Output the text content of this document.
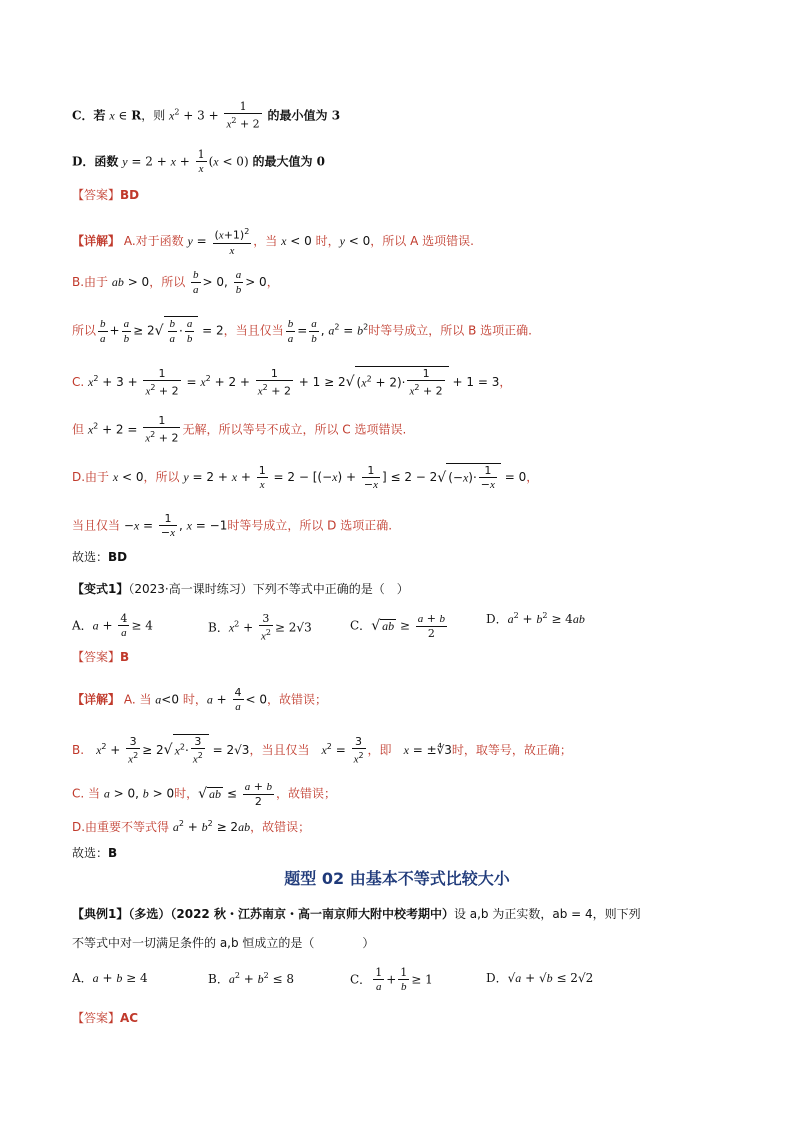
C．若 x ∈ R，则 $x^2 + 3 + \frac{1}{x^2 + 2}$ 的最小值为 3
D．函数 $y = 2 + x + \frac{1}{x} (x < 0)$ 的最大值为 0
【答案】BD
【详解】 A.对于函数 $y = \frac{(x+1)^2}{x}$ ，当 x < 0 时，y < 0，所以 A 选项错误.
B.由于 ab > 0，所以 $\frac{b}{a} > 0$, $\frac{a}{b} > 0$，
所以 $\frac{b}{a} + \frac{a}{b} \ge 2√ \frac{b}{a} \cdot \frac{a}{b} = 2$，当且仅当 $\frac{b}{a} = \frac{a}{b}$ , $a^2 = b^2$时等号成立，所以 B 选项正确.
C. $x^2 + 3 + \frac{1}{x^2 + 2} = x^2 + 2 + \frac{1}{x^2 + 2} + 1 \ge 2√$ $(x^2 + 2)\cdot \frac{1}{x^2 + 2} + 1 = 3$，
但 $x^2 + 2 = \frac{1}{x^2 + 2}$ 无解，所以等号不成立，所以 C 选项错误.
D.由于 x < 0，所以 $y = 2 + x + \frac{1}{x} = 2 - [(-x) + \frac{1}{-x}$ ] ≤ 2 − 2√ $(-x)\cdot \frac{1}{-x} = 0$，
当且仅当 $-x = \frac{1}{-x}$ , x = −1时等号成立，所以 D 选项正确.
故选：BD
【变式1】（2023·高一课时练习）下列不等式中正确的是（　）
A．$a + \frac{4}{a} \ge 4$	B．$x^2 + \frac{3}{x^2} \ge 2√3$	C．√ ab ≥ $\frac{a + b}{2}$	D．$a^2 + b^2 \ge 4ab$
【答案】B
【详解】 A. 当 a<0 时，$a + \frac{4}{a} < 0$，故错误；
B.　$x^2 + \frac{3}{x^2} \ge 2√$ $x^2\cdot \frac{3}{x^2} = 2√3$，当且仅当　$x^2 = \frac{3}{x^2}$ ，即　x = ±∜3时，取等号，故正确；
C. 当 a > 0, b > 0时，√ ab ≤ $\frac{a + b}{2}$ ，故错误；
D.由重要不等式得 $a^2 + b^2 \ge 2ab$，故错误；
故选：B
题型 02 由基本不等式比较大小
【典例1】（多选）（2022 秋・江苏南京・高一南京师大附中校考期中）设 a,b 为正实数，ab = 4，则下列
不等式中对一切满足条件的 a,b 恒成立的是（　　　　）
A．a + b ≥ 4	B．$a^2 + b^2 \le 8$	C． $\frac{1}{a} + \frac{1}{b} \ge 1$	D．√a + √b ≤ 2√2
【答案】AC
